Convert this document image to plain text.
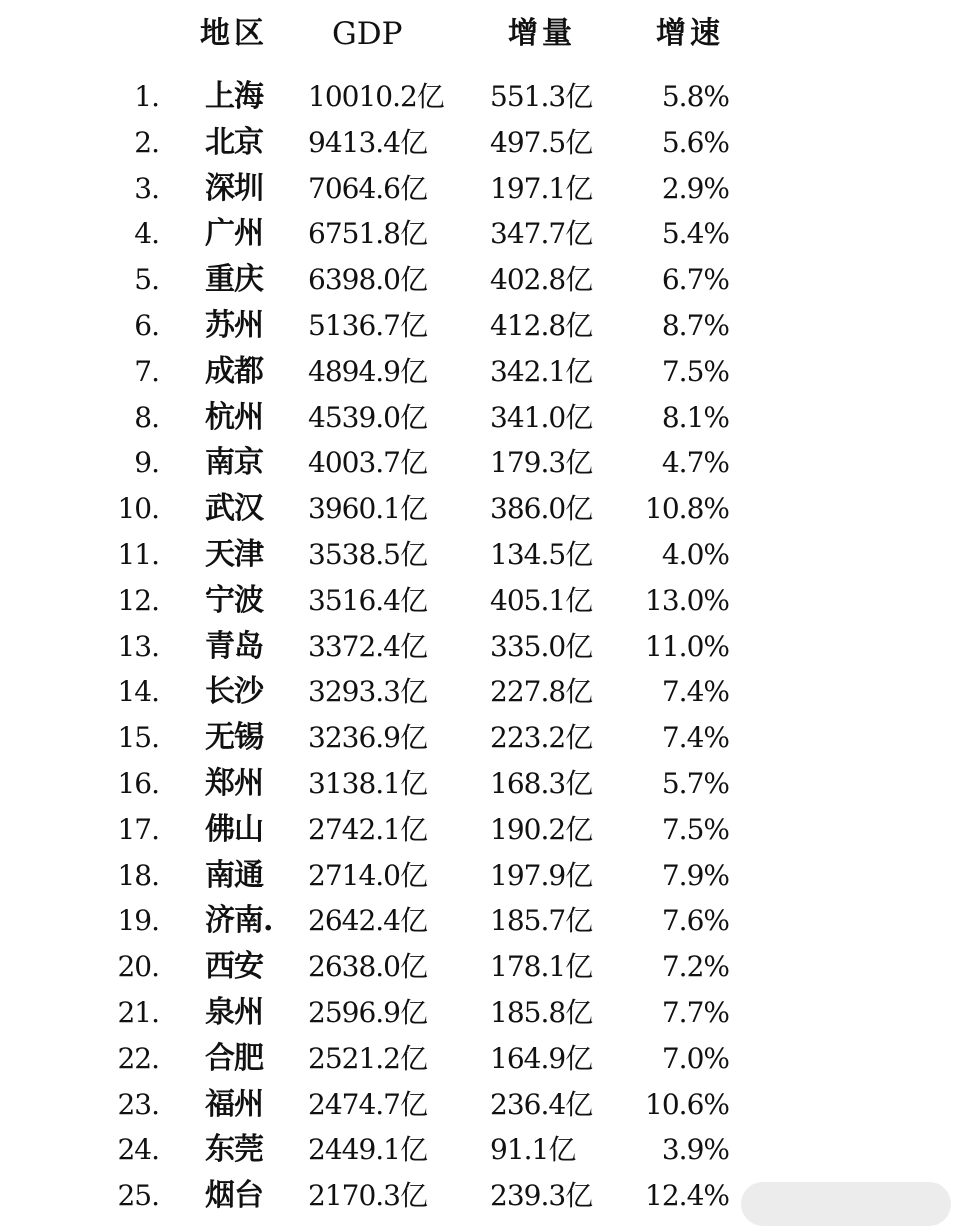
地区 GDP	增量	增速
1. 上海 10010.2亿 551.3亿 5.8%
2. 北京 9413.4亿 497.5亿 5.6%
3. 深圳 7064.6亿 197.1亿 2.9%
4. 广州 6751.8亿 347.7亿 5.4%
5. 重庆 6398.0亿 402.8亿 6.7%
6. 苏州 5136.7亿 412.8亿 8.7%
7. 成都 4894.9亿 342.1亿 7.5%
8. 杭州 4539.0亿 341.0亿 8.1%
9. 南京 4003.7亿 179.3亿 4.7%
10. 武汉 3960.1亿 386.0亿 10.8%
11. 天津 3538.5亿 134.5亿 4.0%
12. 宁波 3516.4亿 405.1亿 13.0%
13. 青岛 3372.4亿 335.0亿 11.0%
14. 长沙 3293.3亿 227.8亿 7.4%
15. 无锡 3236.9亿 223.2亿 7.4%
16. 郑州 3138.1亿 168.3亿 5.7%
17. 佛山 2742.1亿 190.2亿 7.5%
18. 南通 2714.0亿 197.9亿 7.9%
19. 济南. 2642.4亿 185.7亿 7.6%
20. 西安 2638.0亿 178.1亿 7.2%
21. 泉州 2596.9亿 185.8亿 7.7%
22. 合肥 2521.2亿 164.9亿 7.0%
23. 福州 2474.7亿 236.4亿 10.6%
24. 东莞 2449.1亿 91.1亿	3.9%
25. 烟台 2170.3亿 239.3亿 12.4%
